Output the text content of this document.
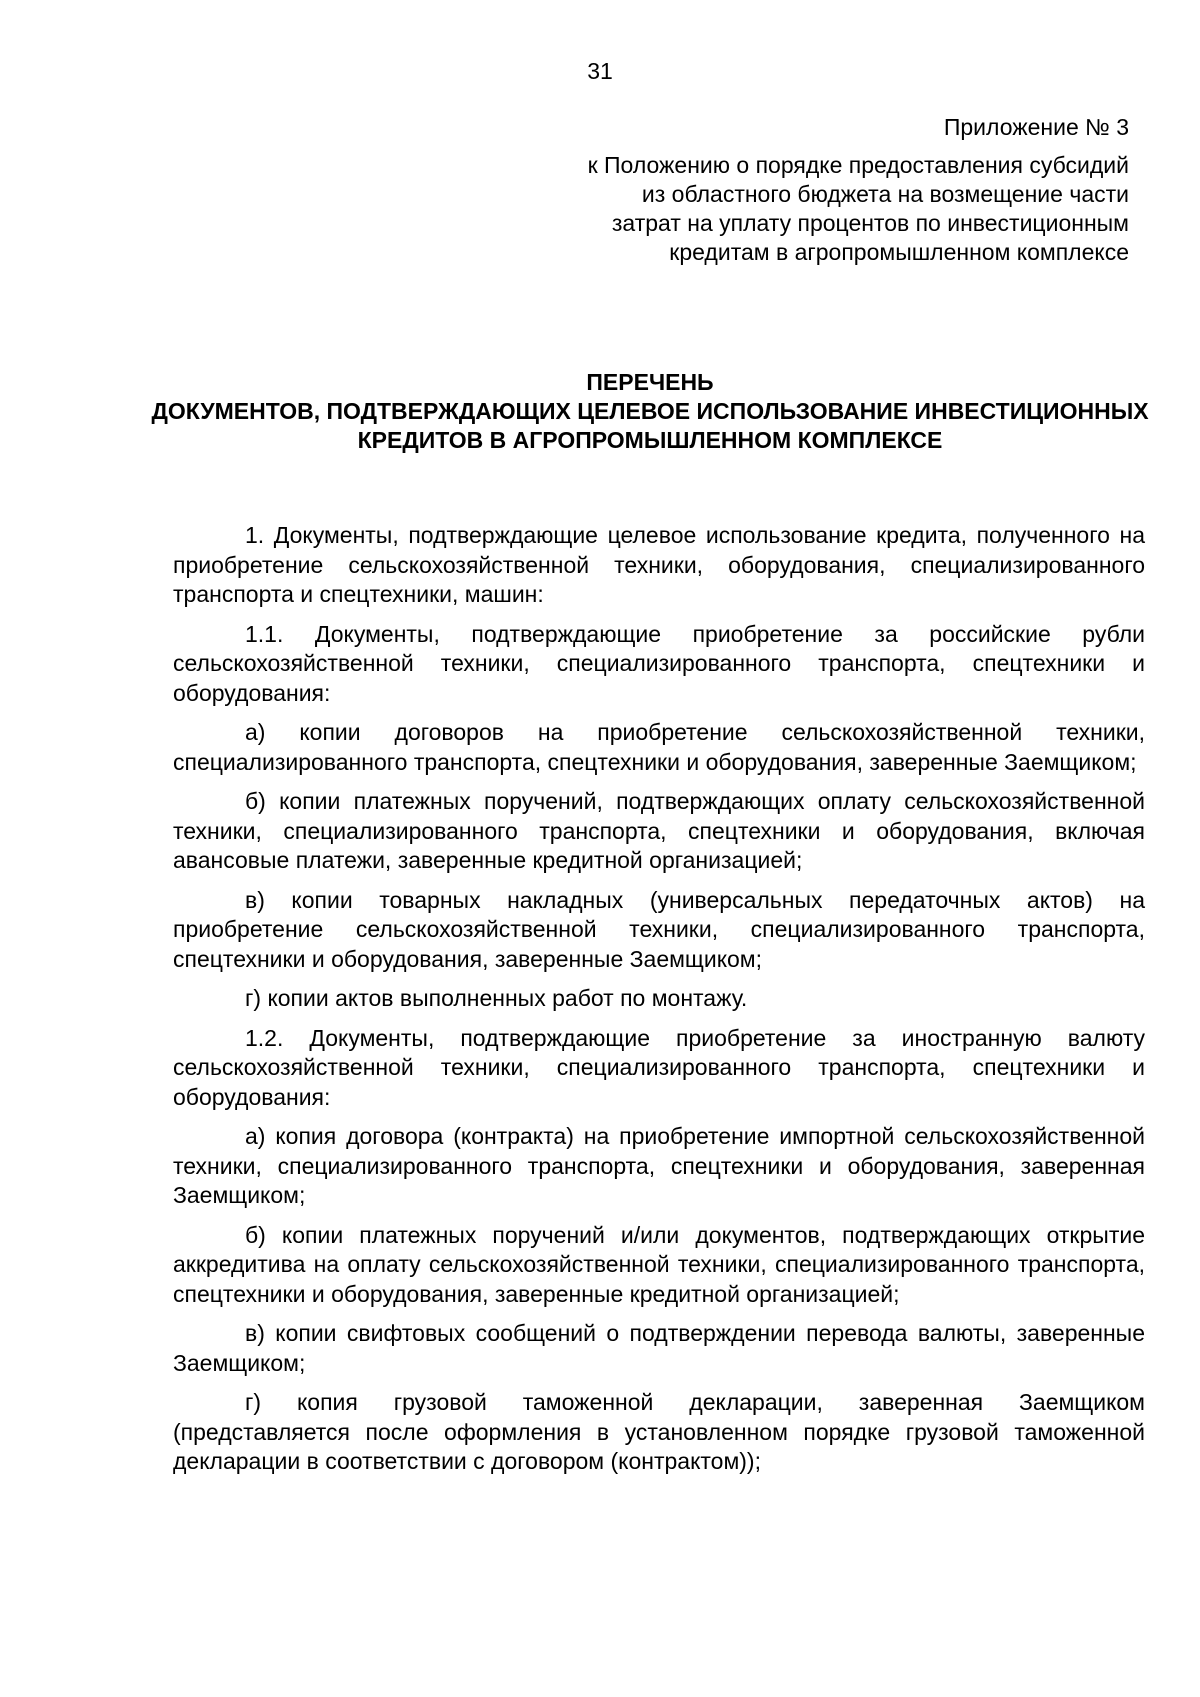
31
Приложение № 3
к Положению о порядке предоставления субсидий из областного бюджета на возмещение части затрат на уплату процентов по инвестиционным кредитам в агропромышленном комплексе
ПЕРЕЧЕНЬ
ДОКУМЕНТОВ, ПОДТВЕРЖДАЮЩИХ ЦЕЛЕВОЕ ИСПОЛЬЗОВАНИЕ ИНВЕСТИЦИОННЫХ КРЕДИТОВ В АГРОПРОМЫШЛЕННОМ КОМПЛЕКСЕ

1. Документы, подтверждающие целевое использование кредита, полученного на приобретение сельскохозяйственной техники, оборудования, специализированного транспорта и спецтехники, машин:

1.1. Документы, подтверждающие приобретение за российские рубли сельскохозяйственной техники, специализированного транспорта, спецтехники и оборудования:

а) копии договоров на приобретение сельскохозяйственной техники, специализированного транспорта, спецтехники и оборудования, заверенные Заемщиком;

б) копии платежных поручений, подтверждающих оплату сельскохозяйственной техники, специализированного транспорта, спецтехники и оборудования, включая авансовые платежи, заверенные кредитной организацией;

в) копии товарных накладных (универсальных передаточных актов) на приобретение сельскохозяйственной техники, специализированного транспорта, спецтехники и оборудования, заверенные Заемщиком;

г) копии актов выполненных работ по монтажу.

1.2. Документы, подтверждающие приобретение за иностранную валюту сельскохозяйственной техники, специализированного транспорта, спецтехники и оборудования:

а) копия договора (контракта) на приобретение импортной сельскохозяйственной техники, специализированного транспорта, спецтехники и оборудования, заверенная Заемщиком;

б) копии платежных поручений и/или документов, подтверждающих открытие аккредитива на оплату сельскохозяйственной техники, специализированного транспорта, спецтехники и оборудования, заверенные кредитной организацией;

в) копии свифтовых сообщений о подтверждении перевода валюты, заверенные Заемщиком;

г) копия грузовой таможенной декларации, заверенная Заемщиком (представляется после оформления в установленном порядке грузовой таможенной декларации в соответствии с договором (контрактом));
